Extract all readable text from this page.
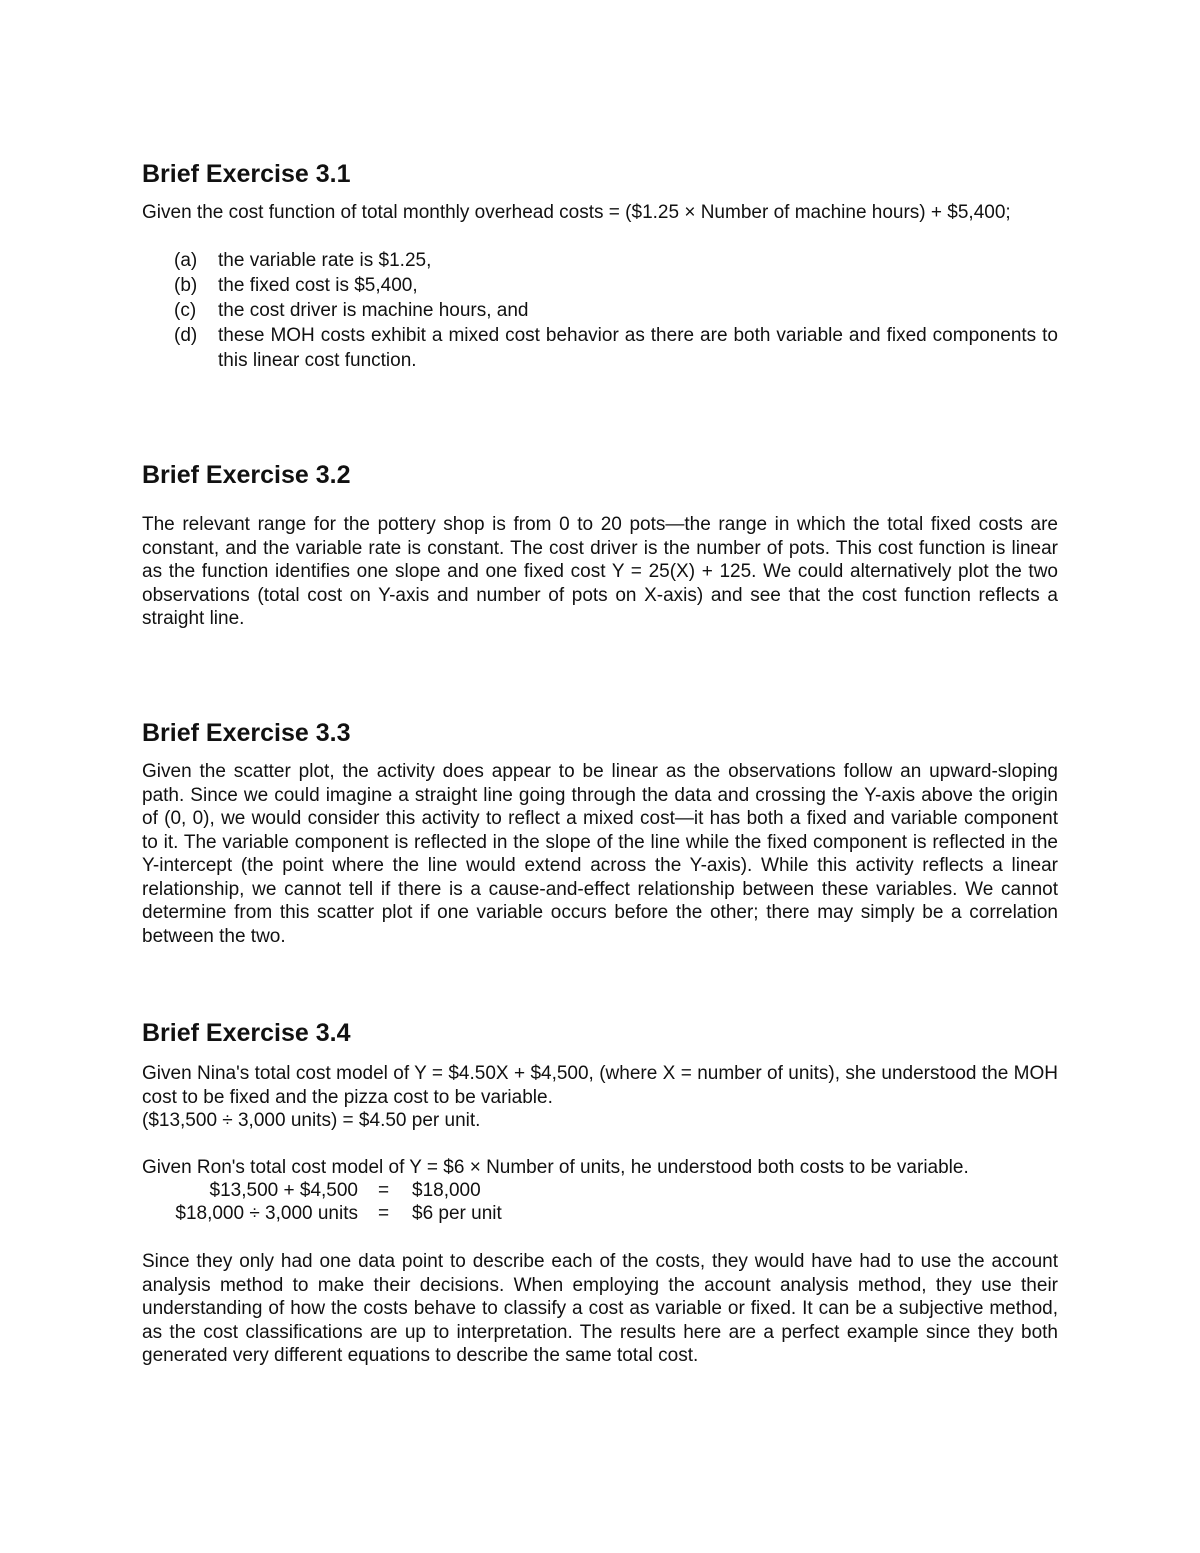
Brief Exercise 3.1

Given the cost function of total monthly overhead costs = ($1.25 × Number of machine hours) + $5,400;

(a) the variable rate is $1.25,
(b) the fixed cost is $5,400,
(c) the cost driver is machine hours, and
(d) these MOH costs exhibit a mixed cost behavior as there are both variable and fixed components to this linear cost function.
Brief Exercise 3.2

The relevant range for the pottery shop is from 0 to 20 pots—the range in which the total fixed costs are constant, and the variable rate is constant. The cost driver is the number of pots. This cost function is linear as the function identifies one slope and one fixed cost Y = 25(X) + 125. We could alternatively plot the two observations (total cost on Y-axis and number of pots on X-axis) and see that the cost function reflects a straight line.

Brief Exercise 3.3

Given the scatter plot, the activity does appear to be linear as the observations follow an upward-sloping path. Since we could imagine a straight line going through the data and crossing the Y-axis above the origin of (0, 0), we would consider this activity to reflect a mixed cost—it has both a fixed and variable component to it. The variable component is reflected in the slope of the line while the fixed component is reflected in the Y-intercept (the point where the line would extend across the Y-axis). While this activity reflects a linear relationship, we cannot tell if there is a cause-and-effect relationship between these variables. We cannot determine from this scatter plot if one variable occurs before the other; there may simply be a correlation between the two.

Brief Exercise 3.4

Given Nina's total cost model of Y = $4.50X + $4,500, (where X = number of units), she understood the MOH cost to be fixed and the pizza cost to be variable.

($13,500 ÷ 3,000 units) = $4.50 per unit.

Given Ron's total cost model of Y = $6 × Number of units, he understood both costs to be variable.

$13,500 + $4,500 = $18,000
$18,000 ÷ 3,000 units = $6 per unit

Since they only had one data point to describe each of the costs, they would have had to use the account analysis method to make their decisions. When employing the account analysis method, they use their understanding of how the costs behave to classify a cost as variable or fixed. It can be a subjective method, as the cost classifications are up to interpretation. The results here are a perfect example since they both generated very different equations to describe the same total cost.
